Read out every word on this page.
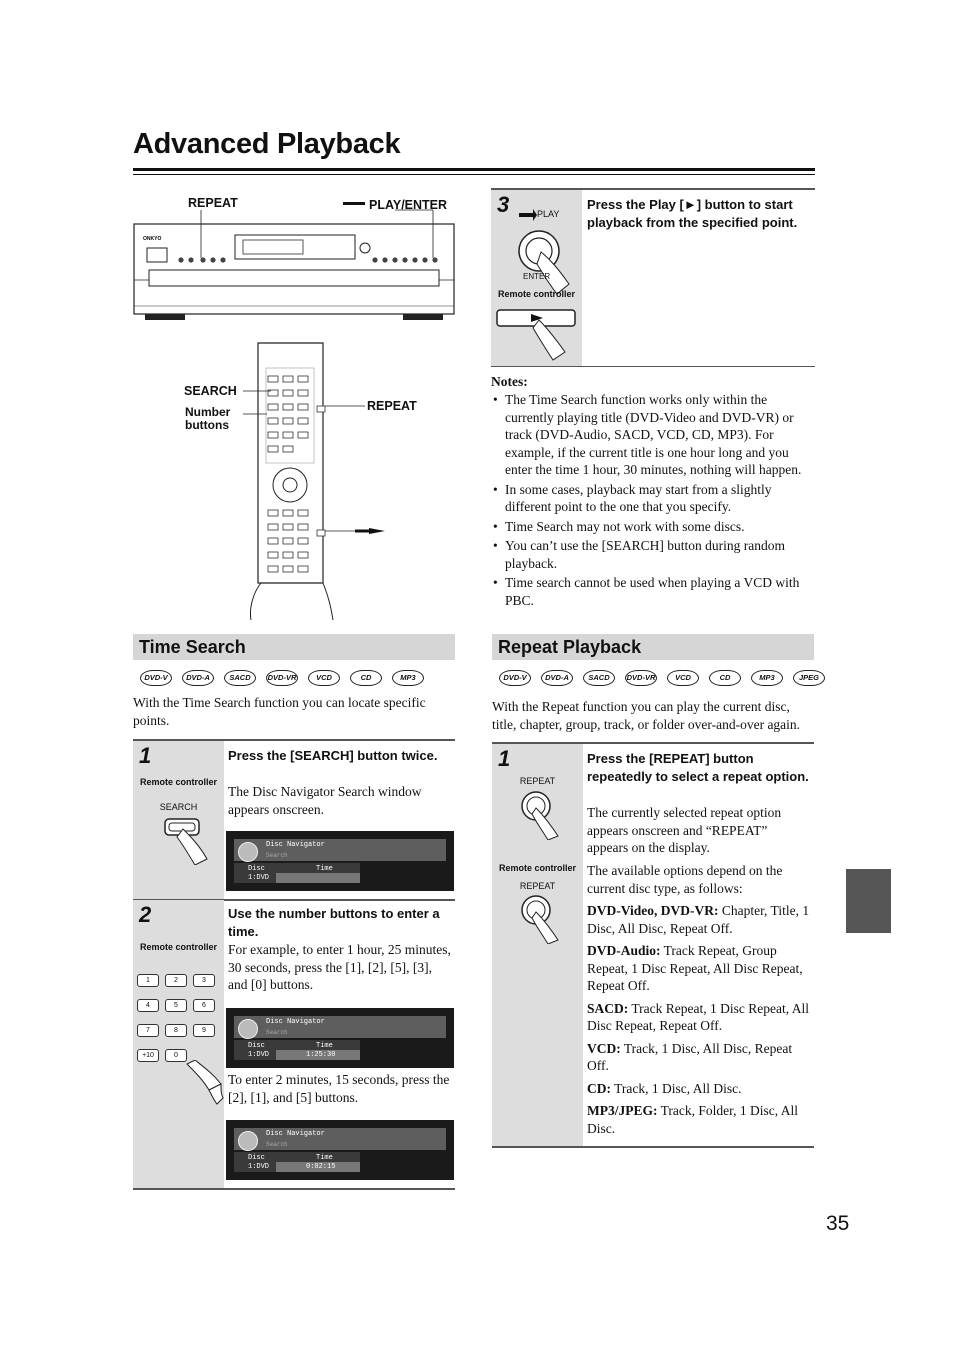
Advanced Playback
REPEAT	PLAY/ENTER
ONKYO
SEARCH
Number buttons
REPEAT
3	PLAY
ENTER
Remote controller
Press the Play [►] button to start playback from the specified point.
Notes:
• The Time Search function works only within the currently playing title (DVD-Video and DVD-VR) or track (DVD-Audio, SACD, VCD, CD, MP3). For example, if the current title is one hour long and you enter the time 1 hour, 30 minutes, nothing will happen.
• In some cases, playback may start from a slightly different point to the one that you specify.
• Time Search may not work with some discs.
• You can’t use the [SEARCH] button during random playback.
• Time search cannot be used when playing a VCD with PBC.
Time Search
DVD-V	DVD-A	SACD	DVD-VR	VCD	CD	MP3
With the Time Search function you can locate specific points.
1
Remote controller
SEARCH
Press the [SEARCH] button twice.
The Disc Navigator Search window appears onscreen.
Disc Navigator
Search
Disc
1:DVD
Time
2
Remote controller
1	2	3
4	5	6
7	8	9
+10	0
Use the number buttons to enter a time.
For example, to enter 1 hour, 25 minutes, 30 seconds, press the [1], [2], [5], [3], and [0] buttons.
Disc Navigator
Search
Disc
1:DVD
Time
1:25:30
To enter 2 minutes, 15 seconds, press the [2], [1], and [5] buttons.
Disc Navigator
Search
Disc
1:DVD
Time
0:02:15
Repeat Playback
DVD-V	DVD-A	SACD	DVD-VR	VCD	CD	MP3	JPEG
With the Repeat function you can play the current disc, title, chapter, group, track, or folder over-and-over again.
1
REPEAT
Remote controller
REPEAT
Press the [REPEAT] button repeatedly to select a repeat option.
The currently selected repeat option appears onscreen and “REPEAT” appears on the display.
The available options depend on the current disc type, as follows:

DVD-Video, DVD-VR: Chapter, Title, 1 Disc, All Disc, Repeat Off.

DVD-Audio: Track Repeat, Group Repeat, 1 Disc Repeat, All Disc Repeat, Repeat Off.

SACD: Track Repeat, 1 Disc Repeat, All Disc Repeat, Repeat Off.

VCD: Track, 1 Disc, All Disc, Repeat Off.

CD: Track, 1 Disc, All Disc.

MP3/JPEG: Track, Folder, 1 Disc, All Disc.

35
